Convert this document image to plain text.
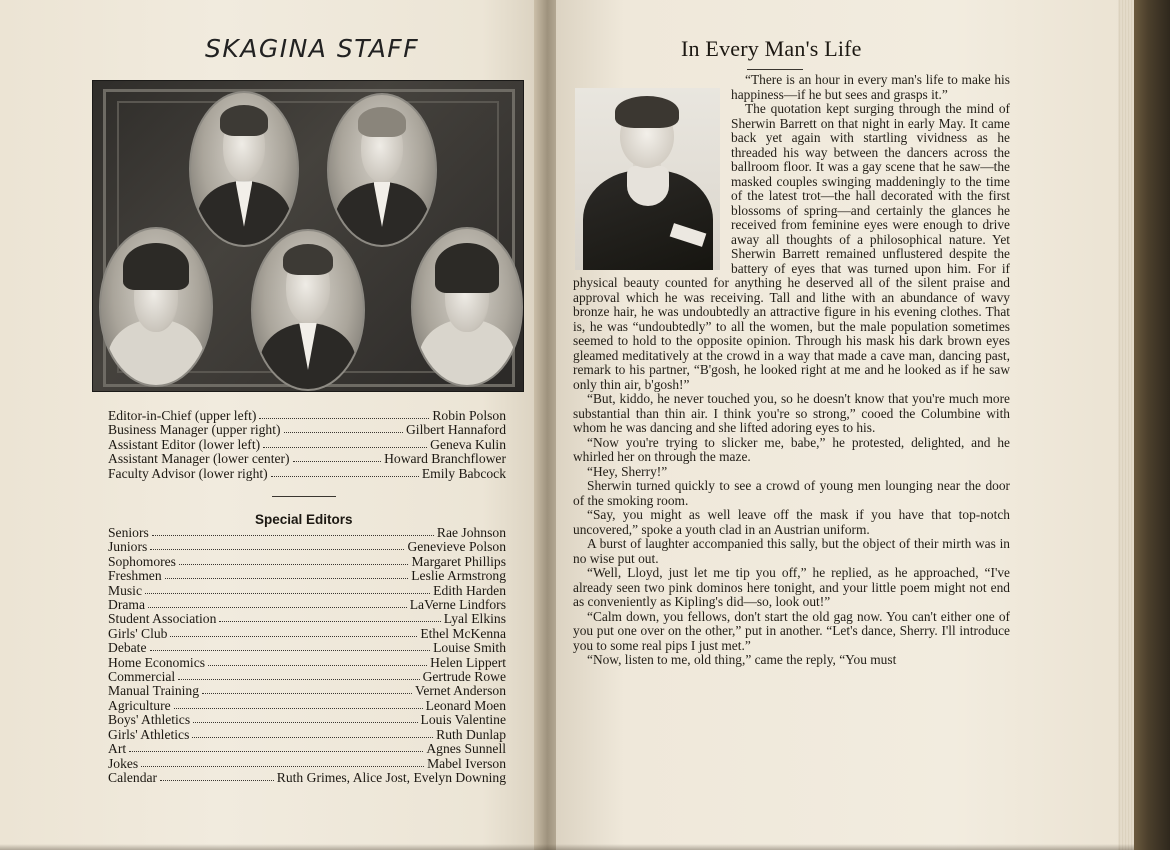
SKAGINA STAFF
Editor-in-Chief (upper left)	Robin Polson
Business Manager (upper right)	Gilbert Hannaford
Assistant Editor (lower left)	Geneva Kulin
Assistant Manager (lower center)	Howard Branchflower
Faculty Advisor (lower right)	Emily Babcock
Special Editors
Seniors	Rae Johnson
Juniors	Genevieve Polson
Sophomores	Margaret Phillips
Freshmen	Leslie Armstrong
Music	Edith Harden
Drama	LaVerne Lindfors
Student Association	Lyal Elkins
Girls' Club	Ethel McKenna
Debate	Louise Smith
Home Economics	Helen Lippert
Commercial	Gertrude Rowe
Manual Training	Vernet Anderson
Agriculture	Leonard Moen
Boys' Athletics	Louis Valentine
Girls' Athletics	Ruth Dunlap
Art	Agnes Sunnell
Jokes	Mabel Iverson
Calendar	Ruth Grimes, Alice Jost, Evelyn Downing
In Every Man's Life

“There is an hour in every man's life to make his happiness—if he but sees and grasps it.”

The quotation kept surging through the mind of Sherwin Barrett on that night in early May. It came back yet again with startling vividness as he threaded his way between the dancers across the ballroom floor. It was a gay scene that he saw—the masked couples swinging maddeningly to the time of the latest trot—the hall decorated with the first blossoms of spring—and certainly the glances he received from feminine eyes were enough to drive away all thoughts of a philosophical nature. Yet Sherwin Barrett remained unflustered despite the battery of eyes that was turned upon him. For if physical beauty counted for anything he deserved all of the silent praise and approval which he was receiving. Tall and lithe with an abundance of wavy bronze hair, he was undoubtedly an attractive figure in his evening clothes. That is, he was “undoubtedly” to all the women, but the male population sometimes seemed to hold to the opposite opinion. Through his mask his dark brown eyes gleamed meditatively at the crowd in a way that made a cave man, dancing past, remark to his partner, “B'gosh, he looked right at me and he looked as if he saw only thin air, b'gosh!”

“But, kiddo, he never touched you, so he doesn't know that you're much more substantial than thin air. I think you're so strong,” cooed the Columbine with whom he was dancing and she lifted adoring eyes to his.

“Now you're trying to slicker me, babe,” he protested, delighted, and he whirled her on through the maze.

“Hey, Sherry!”

Sherwin turned quickly to see a crowd of young men lounging near the door of the smoking room.

“Say, you might as well leave off the mask if you have that top-notch uncovered,” spoke a youth clad in an Austrian uniform.

A burst of laughter accompanied this sally, but the object of their mirth was in no wise put out.

“Well, Lloyd, just let me tip you off,” he replied, as he approached, “I've already seen two pink dominos here tonight, and your little poem might not end as conveniently as Kipling's did—so, look out!”

“Calm down, you fellows, don't start the old gag now. You can't either one of you put one over on the other,” put in another. “Let's dance, Sherry. I'll introduce you to some real pips I just met.”

“Now, listen to me, old thing,” came the reply, “You must
